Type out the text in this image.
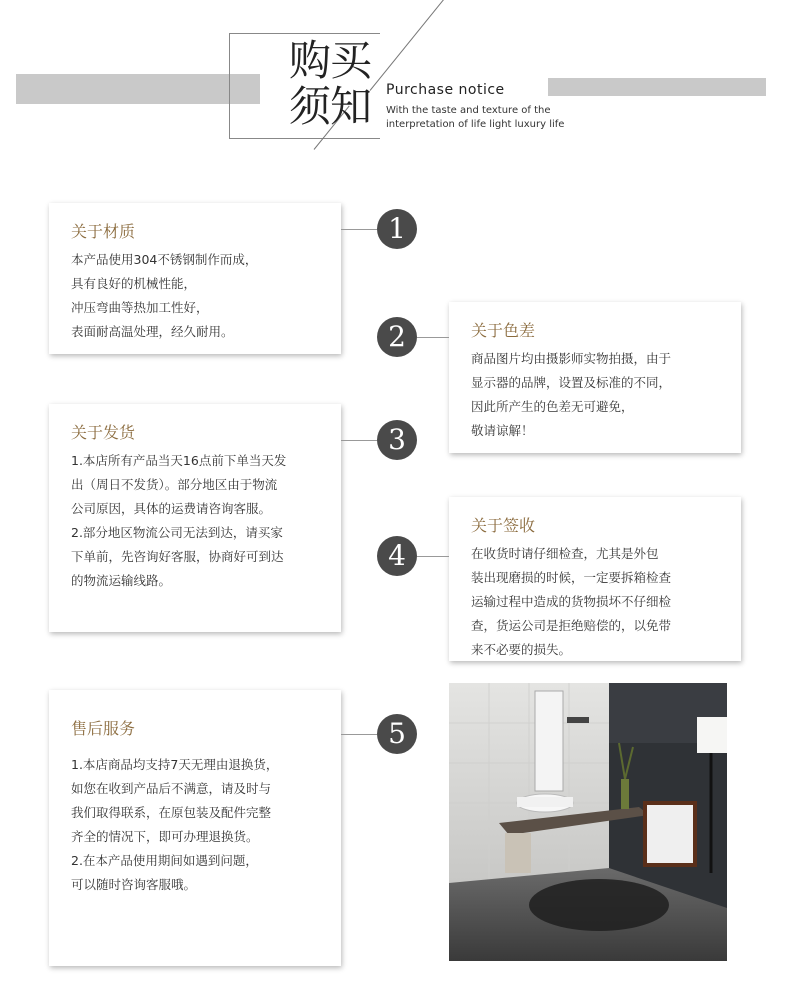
购买
须知	Purchase notice
With the taste and texture of the
interpretation of life light luxury life
关于材质
本产品使用304不锈钢制作而成，
具有良好的机械性能，
冲压弯曲等热加工性好，
表面耐高温处理，经久耐用。
1
关于色差
商品图片均由摄影师实物拍摄，由于
显示器的品牌，设置及标准的不同，
因此所产生的色差无可避免，
敬请谅解！
2
关于发货
1.本店所有产品当天16点前下单当天发
出（周日不发货）。部分地区由于物流
公司原因，具体的运费请咨询客服。
2.部分地区物流公司无法到达，请买家
下单前，先咨询好客服，协商好可到达
的物流运输线路。
3
关于签收
在收货时请仔细检查，尤其是外包
装出现磨损的时候，一定要拆箱检查
运输过程中造成的货物损坏不仔细检
查，货运公司是拒绝赔偿的，以免带
来不必要的损失。
4
售后服务
1.本店商品均支持7天无理由退换货，
如您在收到产品后不满意，请及时与
我们取得联系，在原包装及配件完整
齐全的情况下，即可办理退换货。
2.在本产品使用期间如遇到问题，
可以随时咨询客服哦。
5
